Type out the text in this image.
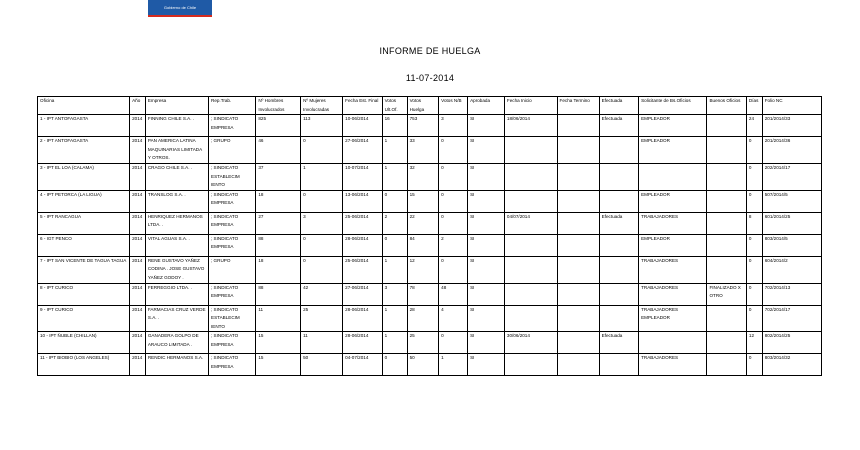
Gobierno de Chile
INFORME DE HUELGA
11-07-2014
Oficina	Año	Empresa	Rep.Trab.	Nº Hombres Involucrados	Nº Mujeres Involucradas	Fecha Est. Final	Votos Ult.Of.	Votos Huelga	Votos N/B	Aprobada	Fecha Inicio	Fecha Termino	Efectuada	Solicitante de Bs.Oficios	Buenos Oficios	Días	Folio NC
1 - IPT ANTOFAGASTA	2014	FINNING CHILE S.A. .	; SINDICATO EMPRESA	825	113	10-06/2014	16	753	3	SI	18/06/2014		Efectuada	EMPLEADOR		24	201/2014/33
2 - IPT ANTOFAGASTA	2014	PAN AMERICA LATINA MAQUINARIAS LIMITADA Y OTROS.	; GRUPO	46	0	27-06/2014	1	33	0	SI				EMPLEADOR		0	201/2014/36
3 - IPT EL LOA (CALAMA)	2014	CRAGO CHILE S.A. .	; SINDICATO ESTABLECIM IENTO	37	1	10-07/2014	1	32	0	SI						0	202/2014/17
4 - IPT PETORCA (LA LIGUA)	2014	TRANSLOG S.A. .	; SINDICATO EMPRESA	18	0	13-06/2014	0	15	0	SI				EMPLEADOR		0	507/2014/5
5 - IPT RANCAGUA	2014	HENRIQUEZ HERMANOS LTDA. .	; SINDICATO EMPRESA	27	3	25-06/2014	2	22	0	SI	04/07/2014		Efectuada	TRABAJADORES		8	601/2014/25
6 - IGT PENCO	2014	VITAL AGUAS S.A. .	; SINDICATO EMPRESA	88	0	28-06/2014	0	84	2	SI				EMPLEADOR		0	803/2014/5
7 - IPT SAN VICENTE DE TAGUA TAGUA	2014	RENE GUSTAVO YAÑEZ CODINA . JOSE GUSTAVO YAÑEZ GODOY .	; GRUPO	18	0	25-06/2014	1	12	0	SI				TRABAJADORES		0	604/2014/2
8 - IPT CURICO	2014	FERREGGIO LTDA. .	; SINDICATO EMPRESA	88	42	27-06/2014	3	78	48	SI				TRABAJADORES	FINALIZADO X OTRO	0	702/2014/13
9 - IPT CURICO	2014	FARMACIAS CRUZ VERDE S.A. .	; SINDICATO ESTABLECIM IENTO	11	25	28-06/2014	1	28	4	SI				TRABAJADORES EMPLEADOR		0	702/2014/17
10 - IPT ÑUBLE (CHILLAN)	2014	GANADERA GOLPO DE ARAUCO LIMITADA .	; SINDICATO EMPRESA	15	11	28-06/2014	1	25	0	SI	30/06/2014		Efectuada			12	802/2014/25
11 - IPT BIOBIO (LOS ANGELES)	2014	RENDIC HERMANOS S.A.	; SINDICATO EMPRESA	15	50	04-07/2014	0	50	1	SI				TRABAJADORES		0	803/2014/32
